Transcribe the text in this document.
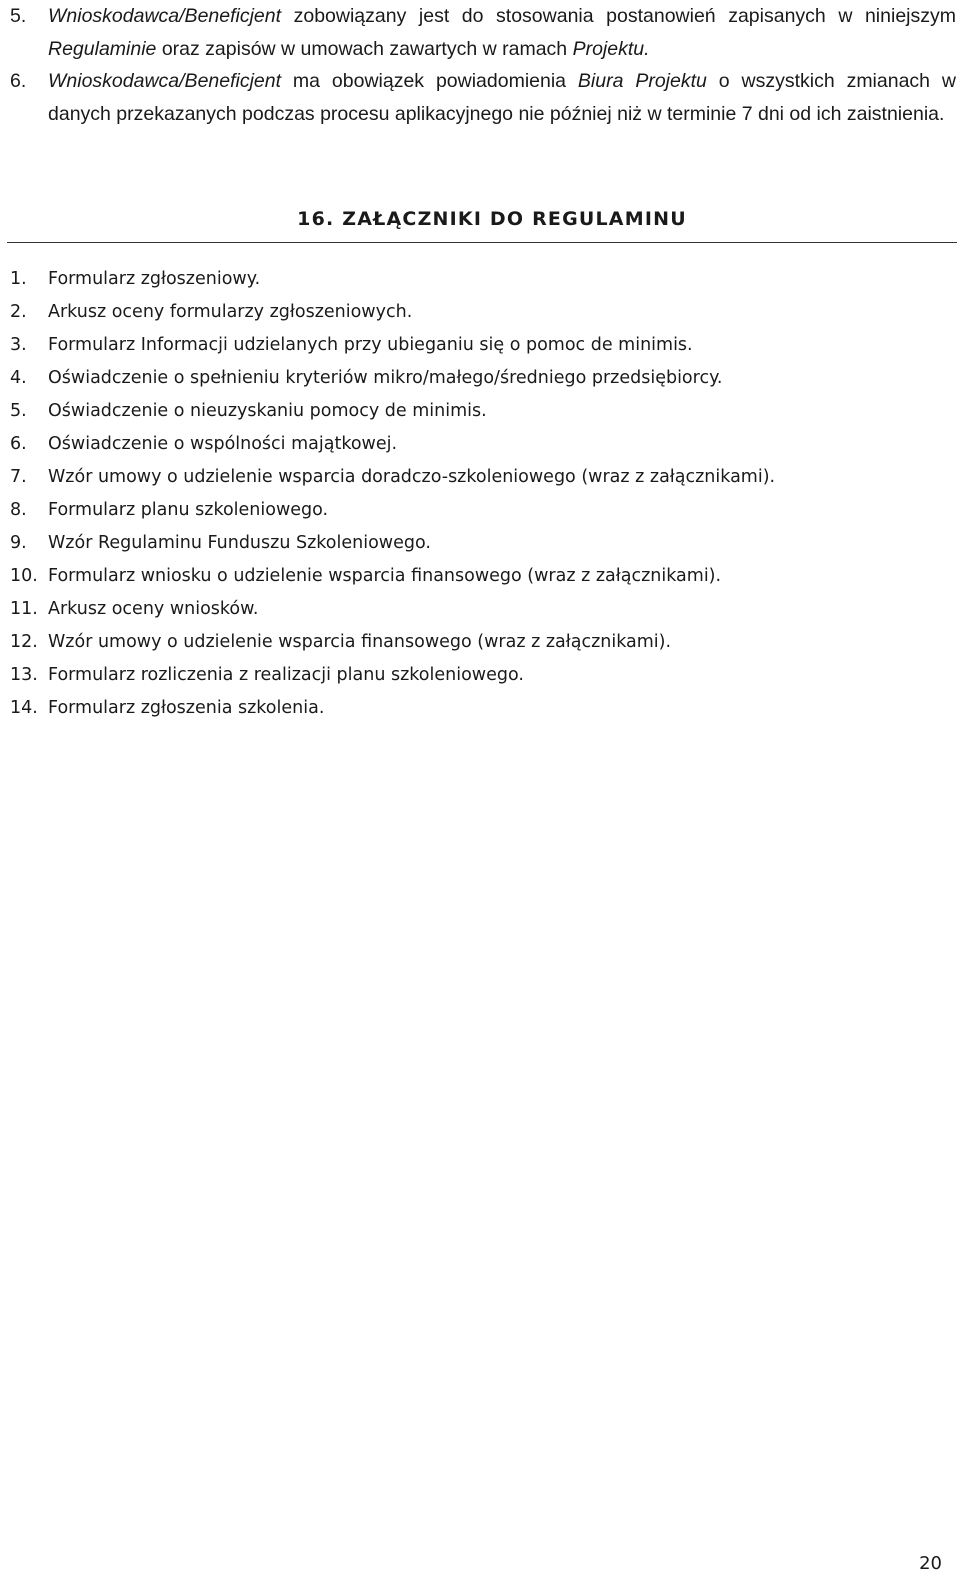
5. Wnioskodawca/Beneficjent zobowiązany jest do stosowania postanowień zapisanych w niniejszym Regulaminie oraz zapisów w umowach zawartych w ramach Projektu.
6. Wnioskodawca/Beneficjent ma obowiązek powiadomienia Biura Projektu o wszystkich zmianach w danych przekazanych podczas procesu aplikacyjnego nie później niż w terminie 7 dni od ich zaistnienia.
16. ZAŁĄCZNIKI DO REGULAMINU
1. Formularz zgłoszeniowy.
2. Arkusz oceny formularzy zgłoszeniowych.
3. Formularz Informacji udzielanych przy ubieganiu się o pomoc de minimis.
4. Oświadczenie o spełnieniu kryteriów mikro/małego/średniego przedsiębiorcy.
5. Oświadczenie o nieuzyskaniu pomocy de minimis.
6. Oświadczenie o wspólności majątkowej.
7. Wzór umowy o udzielenie wsparcia doradczo-szkoleniowego (wraz z załącznikami).
8. Formularz planu szkoleniowego.
9. Wzór Regulaminu Funduszu Szkoleniowego.
10. Formularz wniosku o udzielenie wsparcia finansowego (wraz z załącznikami).
11. Arkusz oceny wniosków.
12. Wzór umowy o udzielenie wsparcia finansowego (wraz z załącznikami).
13. Formularz rozliczenia z realizacji planu szkoleniowego.
14. Formularz zgłoszenia szkolenia.
20
